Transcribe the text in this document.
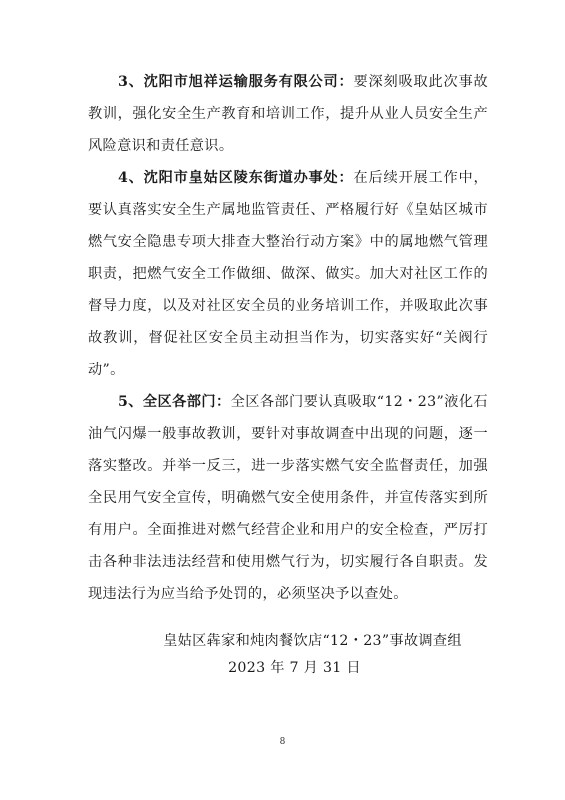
3、沈阳市旭祥运输服务有限公司：要深刻吸取此次事故教训，强化安全生产教育和培训工作，提升从业人员安全生产风险意识和责任意识。

4、沈阳市皇姑区陵东街道办事处：在后续开展工作中，要认真落实安全生产属地监管责任、严格履行好《皇姑区城市燃气安全隐患专项大排查大整治行动方案》中的属地燃气管理职责，把燃气安全工作做细、做深、做实。加大对社区工作的督导力度，以及对社区安全员的业务培训工作，并吸取此次事故教训，督促社区安全员主动担当作为，切实落实好“关阀行动”。

5、全区各部门：全区各部门要认真吸取“12・23”液化石油气闪爆一般事故教训，要针对事故调查中出现的问题，逐一落实整改。并举一反三，进一步落实燃气安全监督责任，加强全民用气安全宣传，明确燃气安全使用条件，并宣传落实到所有用户。全面推进对燃气经营企业和用户的安全检查，严厉打击各种非法违法经营和使用燃气行为，切实履行各自职责。发现违法行为应当给予处罚的，必须坚决予以查处。

皇姑区犇家和炖肉餐饮店“12・23”事故调查组
2023 年 7 月 31 日
8
